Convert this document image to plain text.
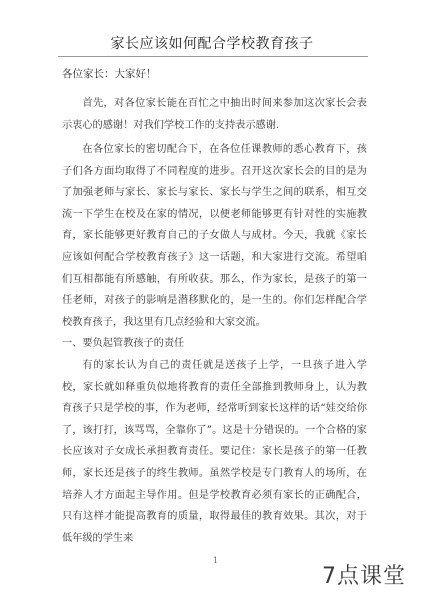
家长应该如何配合学校教育孩子
各位家长：大家好！

首先，对各位家长能在百忙之中抽出时间来参加这次家长会表示衷心的感谢！对我们学校工作的支持表示感谢.

在各位家长的密切配合下，在各位任课教师的悉心教育下，孩子们各方面均取得了不同程度的进步。召开这次家长会的目的是为了加强老师与家长、家长与家长、家长与学生之间的联系，相互交流一下学生在校及在家的情况，以便老师能够更有针对性的实施教育，家长能够更好教育自己的子女做人与成材。今天，我就《家长应该如何配合学校教育孩子》这一话题，和大家进行交流。希望咱们互相都能有所感触，有所收获。那么，作为家长，是孩子的第一任老师，对孩子的影响是潜移默化的，是一生的。你们怎样配合学校教育孩子，我这里有几点经验和大家交流。

一、要负起管教孩子的责任

有的家长认为自己的责任就是送孩子上学，一旦孩子进入学校，家长就如释重负似地将教育的责任全部推到教师身上，认为教育孩子只是学校的事，作为老师，经常听到家长这样的话“娃交给你了，该打打，该骂骂，全靠你了”。这是十分错误的。一个合格的家长应该对子女成长承担教育责任。要记住：家长是孩子的第一任教师，家长还是孩子的终生教师。虽然学校是专门教育人的场所，在培养人才方面起主导作用。但是学校教育必须有家长的正确配合，只有这样才能提高教育的质量，取得最佳的教育效果。其次，对于低年级的学生来

1
7点课堂
